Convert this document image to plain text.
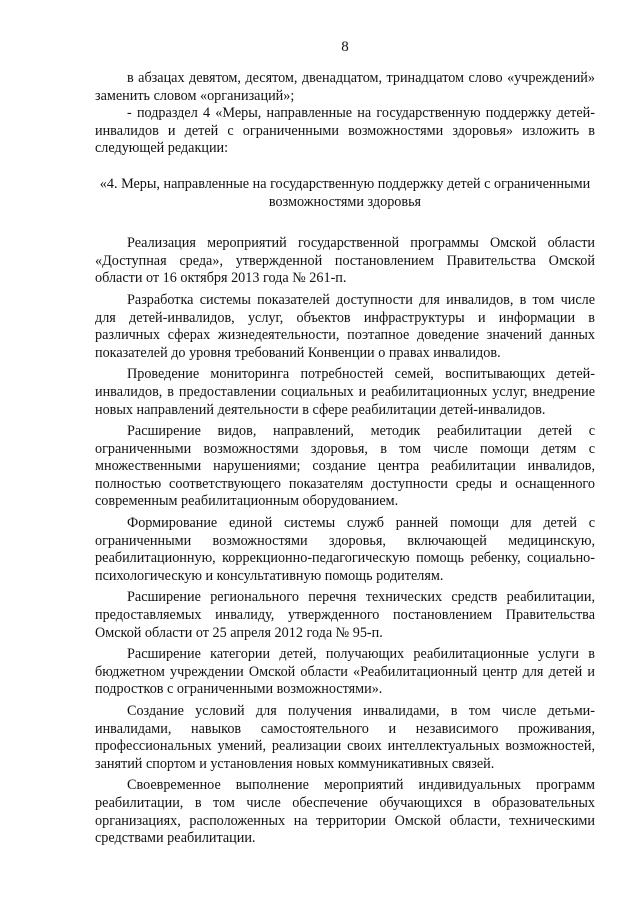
8

в абзацах девятом, десятом, двенадцатом, тринадцатом слово «учреждений» заменить словом «организаций»;

- подраздел 4 «Меры, направленные на государственную поддержку детей-инвалидов и детей с ограниченными возможностями здоровья» изложить в следующей редакции:

«4. Меры, направленные на государственную поддержку детей с ограниченными возможностями здоровья

Реализация мероприятий государственной программы Омской области «Доступная среда», утвержденной постановлением Правительства Омской области от 16 октября 2013 года № 261-п.

Разработка системы показателей доступности для инвалидов, в том числе для детей-инвалидов, услуг, объектов инфраструктуры и информации в различных сферах жизнедеятельности, поэтапное доведение значений данных показателей до уровня требований Конвенции о правах инвалидов.

Проведение мониторинга потребностей семей, воспитывающих детей-инвалидов, в предоставлении социальных и реабилитационных услуг, внедрение новых направлений деятельности в сфере реабилитации детей-инвалидов.

Расширение видов, направлений, методик реабилитации детей с ограниченными возможностями здоровья, в том числе помощи детям с множественными нарушениями; создание центра реабилитации инвалидов, полностью соответствующего показателям доступности среды и оснащенного современным реабилитационным оборудованием.

Формирование единой системы служб ранней помощи для детей с ограниченными возможностями здоровья, включающей медицинскую, реабилитационную, коррекционно-педагогическую помощь ребенку, социально-психологическую и консультативную помощь родителям.

Расширение регионального перечня технических средств реабилитации, предоставляемых инвалиду, утвержденного постановлением Правительства Омской области от 25 апреля 2012 года № 95-п.

Расширение категории детей, получающих реабилитационные услуги в бюджетном учреждении Омской области «Реабилитационный центр для детей и подростков с ограниченными возможностями».

Создание условий для получения инвалидами, в том числе детьми-инвалидами, навыков самостоятельного и независимого проживания, профессиональных умений, реализации своих интеллектуальных возможностей, занятий спортом и установления новых коммуникативных связей.

Своевременное выполнение мероприятий индивидуальных программ реабилитации, в том числе обеспечение обучающихся в образовательных организациях, расположенных на территории Омской области, техническими средствами реабилитации.
